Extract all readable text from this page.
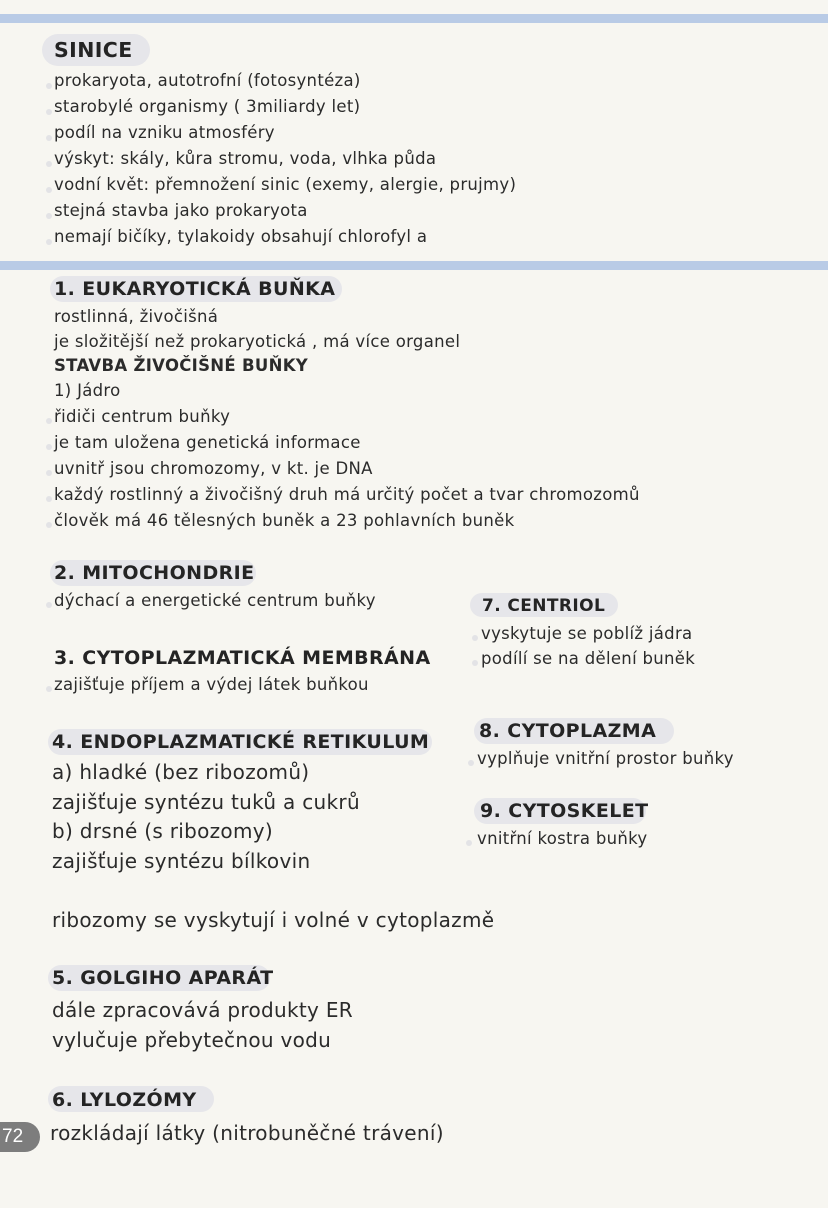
SINICE
prokaryota, autotrofní (fotosyntéza)
starobylé organismy ( 3miliardy let)
podíl na vzniku atmosféry
výskyt: skály, kůra stromu, voda, vlhka půda
vodní květ: přemnožení sinic (exemy, alergie, prujmy)
stejná stavba jako prokaryota
nemají bičíky, tylakoidy obsahují chlorofyl a
1. EUKARYOTICKÁ BUŇKA
rostlinná, živočišná
je složitější než prokaryotická , má více organel
STAVBA ŽIVOČIŠNÉ BUŇKY
1) Jádro
řidiči centrum buňky
je tam uložena genetická informace
uvnitř jsou chromozomy, v kt. je DNA
každý rostlinný a živočišný druh má určitý počet a tvar chromozomů
člověk má 46 tělesných buněk a 23 pohlavních buněk
2. MITOCHONDRIE
dýchací a energetické centrum buňky
3. CYTOPLAZMATICKÁ MEMBRÁNA
zajišťuje příjem a výdej látek buňkou
4. ENDOPLAZMATICKÉ RETIKULUM
a) hladké (bez ribozomů)
zajišťuje syntézu tuků a cukrů
b) drsné (s ribozomy)
zajišťuje syntézu bílkovin
ribozomy se vyskytují i volné v cytoplazmě
5. GOLGIHO APARÁT
dále zpracovává produkty ER
vylučuje přebytečnou vodu
6. LYLOZÓMY
rozkládají látky (nitrobuněčné trávení)
7. CENTRIOL
vyskytuje se poblíž jádra
podílí se na dělení buněk
8. CYTOPLAZMA
vyplňuje vnitřní prostor buňky
9. CYTOSKELET
vnitřní kostra buňky
72
